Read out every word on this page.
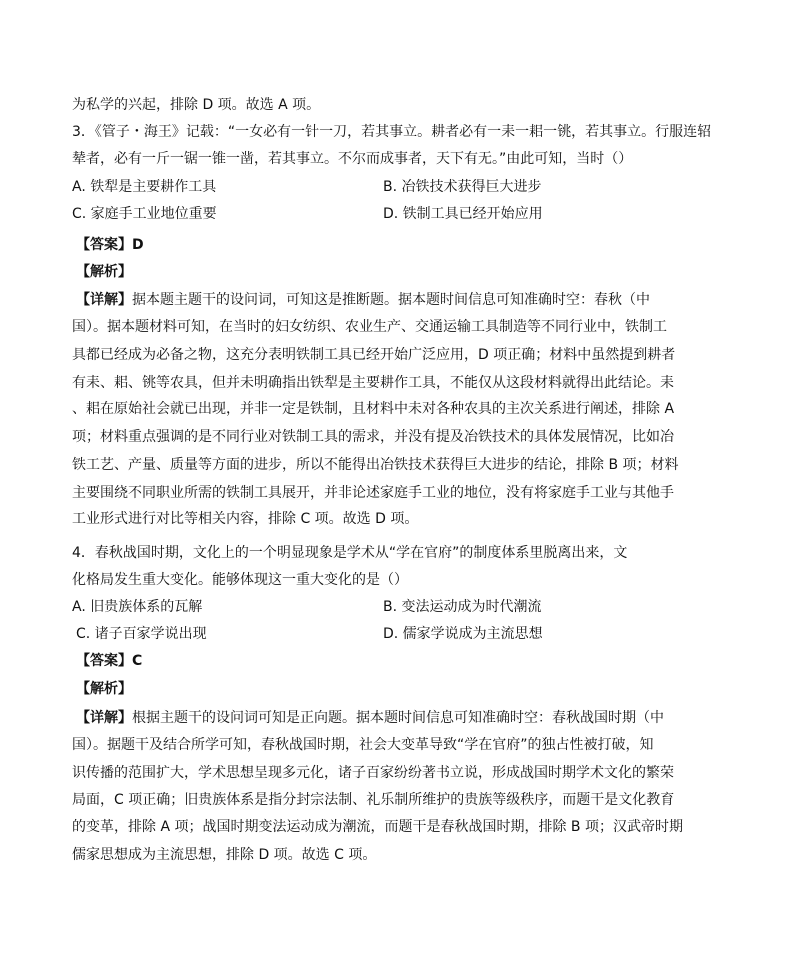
为私学的兴起，排除 D 项。故选 A 项。
3．《管子・海王》记载：“一女必有一针一刀，若其事立。耕者必有一耒一耜一铫，若其事立。行服连轺
辇者，必有一斤一锯一锥一凿，若其事立。不尔而成事者，天下有无。”由此可知，当时（）
A. 铁犁是主要耕作工具	B. 冶铁技术获得巨大进步
C. 家庭手工业地位重要	D. 铁制工具已经开始应用
【答案】D
【解析】
【详解】据本题主题干的设问词，可知这是推断题。据本题时间信息可知准确时空：春秋（中
国）。据本题材料可知，在当时的妇女纺织、农业生产、交通运输工具制造等不同行业中，铁制工
具都已经成为必备之物，这充分表明铁制工具已经开始广泛应用，D 项正确；材料中虽然提到耕者
有耒、耜、铫等农具，但并未明确指出铁犁是主要耕作工具，不能仅从这段材料就得出此结论。耒
、耜在原始社会就已出现，并非一定是铁制，且材料中未对各种农具的主次关系进行阐述，排除 A
项；材料重点强调的是不同行业对铁制工具的需求，并没有提及冶铁技术的具体发展情况，比如冶
铁工艺、产量、质量等方面的进步，所以不能得出冶铁技术获得巨大进步的结论，排除 B 项；材料
主要围绕不同职业所需的铁制工具展开，并非论述家庭手工业的地位，没有将家庭手工业与其他手
工业形式进行对比等相关内容，排除 C 项。故选 D 项。
4．春秋战国时期，文化上的一个明显现象是学术从“学在官府”的制度体系里脱离出来，文
化格局发生重大变化。能够体现这一重大变化的是（）
A. 旧贵族体系的瓦解	B. 变法运动成为时代潮流
C. 诸子百家学说出现	D. 儒家学说成为主流思想
【答案】C
【解析】
【详解】根据主题干的设问词可知是正向题。据本题时间信息可知准确时空：春秋战国时期（中
国）。据题干及结合所学可知，春秋战国时期，社会大变革导致“学在官府”的独占性被打破，知
识传播的范围扩大，学术思想呈现多元化，诸子百家纷纷著书立说，形成战国时期学术文化的繁荣
局面，C 项正确；旧贵族体系是指分封宗法制、礼乐制所维护的贵族等级秩序，而题干是文化教育
的变革，排除 A 项；战国时期变法运动成为潮流，而题干是春秋战国时期，排除 B 项；汉武帝时期
儒家思想成为主流思想，排除 D 项。故选 C 项。
